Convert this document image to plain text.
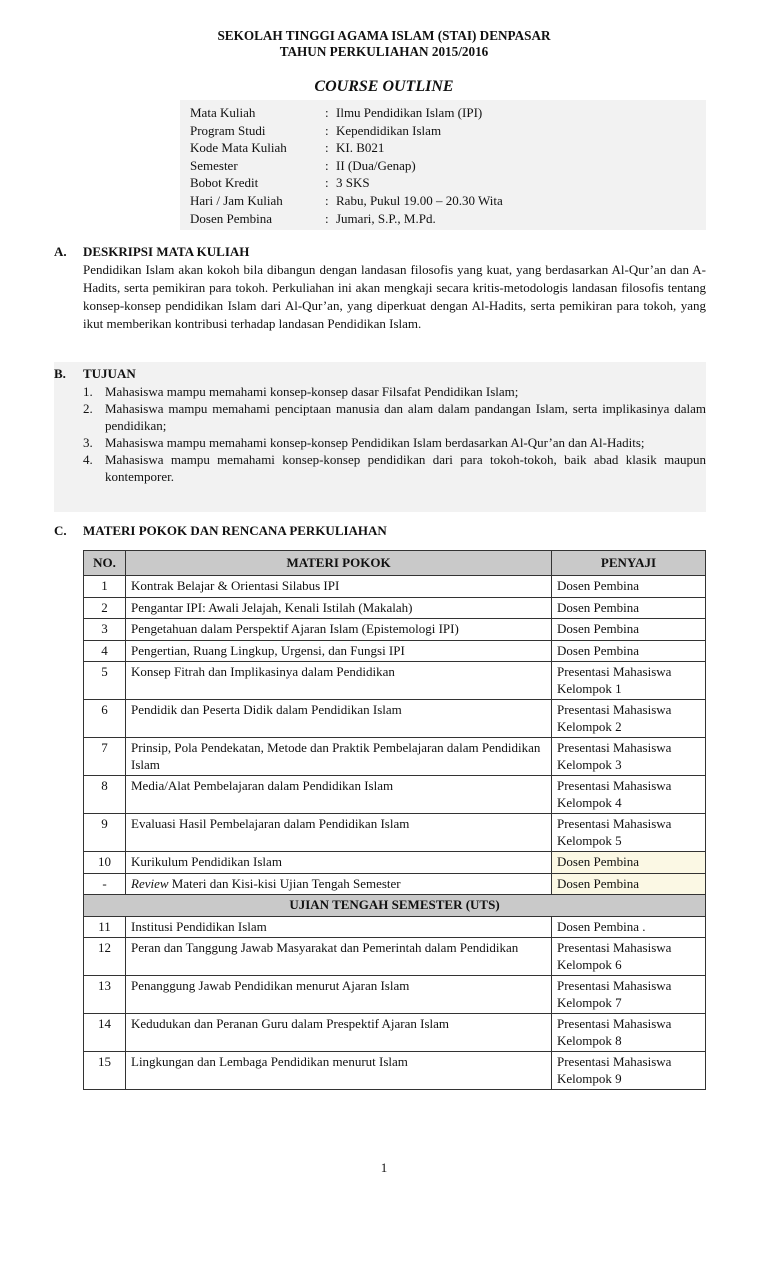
SEKOLAH TINGGI AGAMA ISLAM (STAI) DENPASAR
TAHUN PERKULIAHAN 2015/2016
COURSE OUTLINE
Mata Kuliah	: Ilmu Pendidikan Islam (IPI)
Program Studi	: Kependidikan Islam
Kode Mata Kuliah	: KI. B021
Semester	: II (Dua/Genap)
Bobot Kredit	: 3 SKS
Hari / Jam Kuliah	: Rabu, Pukul 19.00 – 20.30 Wita
Dosen Pembina	: Jumari, S.P., M.Pd.
A. DESKRIPSI MATA KULIAH
Pendidikan Islam akan kokoh bila dibangun dengan landasan filosofis yang kuat, yang berdasarkan Al-Qur’an dan A-Hadits, serta pemikiran para tokoh. Perkuliahan ini akan mengkaji secara kritis-metodologis landasan filosofis tentang konsep-konsep pendidikan Islam dari Al-Qur’an, yang diperkuat dengan Al-Hadits, serta pemikiran para tokoh, yang ikut memberikan kontribusi terhadap landasan Pendidikan Islam.
B. TUJUAN
1. Mahasiswa mampu memahami konsep-konsep dasar Filsafat Pendidikan Islam;
2. Mahasiswa mampu memahami penciptaan manusia dan alam dalam pandangan Islam, serta implikasinya dalam pendidikan;
3. Mahasiswa mampu memahami konsep-konsep Pendidikan Islam berdasarkan Al-Qur’an dan Al-Hadits;
4. Mahasiswa mampu memahami konsep-konsep pendidikan dari para tokoh-tokoh, baik abad klasik maupun kontemporer.
C. MATERI POKOK DAN RENCANA PERKULIAHAN
NO.	MATERI POKOK	PENYAJI
1	Kontrak Belajar & Orientasi Silabus IPI	Dosen Pembina
2	Pengantar IPI: Awali Jelajah, Kenali Istilah (Makalah)	Dosen Pembina
3	Pengetahuan dalam Perspektif Ajaran Islam (Epistemologi IPI)	Dosen Pembina
4	Pengertian, Ruang Lingkup, Urgensi, dan Fungsi IPI	Dosen Pembina
5	Konsep Fitrah dan Implikasinya dalam Pendidikan	Presentasi Mahasiswa Kelompok 1
6	Pendidik dan Peserta Didik dalam Pendidikan Islam	Presentasi Mahasiswa Kelompok 2
7	Prinsip, Pola Pendekatan, Metode dan Praktik Pembelajaran dalam Pendidikan Islam	Presentasi Mahasiswa Kelompok 3
8	Media/Alat Pembelajaran dalam Pendidikan Islam	Presentasi Mahasiswa Kelompok 4
9	Evaluasi Hasil Pembelajaran dalam Pendidikan Islam	Presentasi Mahasiswa Kelompok 5
10	Kurikulum Pendidikan Islam	Dosen Pembina
-	Review Materi dan Kisi-kisi Ujian Tengah Semester	Dosen Pembina
UJIAN TENGAH SEMESTER (UTS)		
11	Institusi Pendidikan Islam	Dosen Pembina .
12	Peran dan Tanggung Jawab Masyarakat dan Pemerintah dalam Pendidikan	Presentasi Mahasiswa Kelompok 6
13	Penanggung Jawab Pendidikan menurut Ajaran Islam	Presentasi Mahasiswa Kelompok 7
14	Kedudukan dan Peranan Guru dalam Prespektif Ajaran Islam	Presentasi Mahasiswa Kelompok 8
15	Lingkungan dan Lembaga Pendidikan menurut Islam	Presentasi Mahasiswa Kelompok 9
1
